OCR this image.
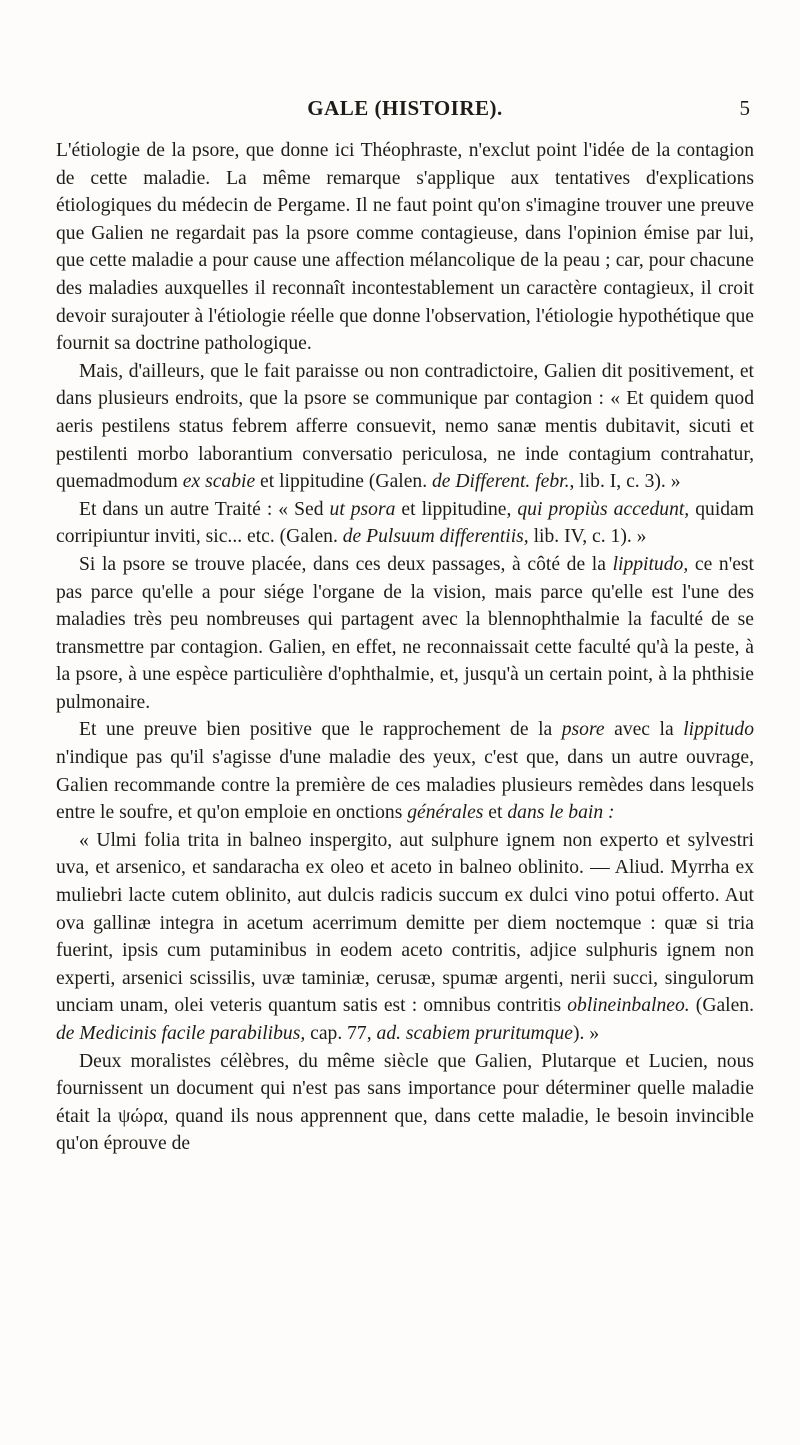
GALE (HISTOIRE).	5

L'étiologie de la psore, que donne ici Théophraste, n'exclut point l'idée de la contagion de cette maladie. La même remarque s'applique aux tentatives d'explications étiologiques du médecin de Pergame. Il ne faut point qu'on s'imagine trouver une preuve que Galien ne regardait pas la psore comme contagieuse, dans l'opinion émise par lui, que cette maladie a pour cause une affection mélancolique de la peau ; car, pour chacune des maladies auxquelles il reconnaît incontestablement un caractère contagieux, il croit devoir surajouter à l'étiologie réelle que donne l'observation, l'étiologie hypothétique que fournit sa doctrine pathologique.

Mais, d'ailleurs, que le fait paraisse ou non contradictoire, Galien dit positivement, et dans plusieurs endroits, que la psore se communique par contagion : « Et quidem quod aeris pestilens status febrem afferre consuevit, nemo sanæ mentis dubitavit, sicuti et pestilenti morbo laborantium conversatio periculosa, ne inde contagium contrahatur, quemadmodum ex scabie et lippitudine (Galen. de Different. febr., lib. I, c. 3). »

Et dans un autre Traité : « Sed ut psora et lippitudine, qui propiùs accedunt, quidam corripiuntur inviti, sic... etc. (Galen. de Pulsuum differentiis, lib. IV, c. 1). »

Si la psore se trouve placée, dans ces deux passages, à côté de la lippitudo, ce n'est pas parce qu'elle a pour siége l'organe de la vision, mais parce qu'elle est l'une des maladies très peu nombreuses qui partagent avec la blennophthalmie la faculté de se transmettre par contagion. Galien, en effet, ne reconnaissait cette faculté qu'à la peste, à la psore, à une espèce particulière d'ophthalmie, et, jusqu'à un certain point, à la phthisie pulmonaire.

Et une preuve bien positive que le rapprochement de la psore avec la lippitudo n'indique pas qu'il s'agisse d'une maladie des yeux, c'est que, dans un autre ouvrage, Galien recommande contre la première de ces maladies plusieurs remèdes dans lesquels entre le soufre, et qu'on emploie en onctions générales et dans le bain :

« Ulmi folia trita in balneo inspergito, aut sulphure ignem non experto et sylvestri uva, et arsenico, et sandaracha ex oleo et aceto in balneo oblinito. — Aliud. Myrrha ex muliebri lacte cutem oblinito, aut dulcis radicis succum ex dulci vino potui offerto. Aut ova gallinæ integra in acetum acerrimum demitte per diem noctemque : quæ si tria fuerint, ipsis cum putaminibus in eodem aceto contritis, adjice sulphuris ignem non experti, arsenici scissilis, uvæ taminiæ, cerusæ, spumæ argenti, nerii succi, singulorum unciam unam, olei veteris quantum satis est : omnibus contritis oblineinbalneo. (Galen. de Medicinis facile parabilibus, cap. 77, ad. scabiem pruritumque). »

Deux moralistes célèbres, du même siècle que Galien, Plutarque et Lucien, nous fournissent un document qui n'est pas sans importance pour déterminer quelle maladie était la ψώρα, quand ils nous apprennent que, dans cette maladie, le besoin invincible qu'on éprouve de
